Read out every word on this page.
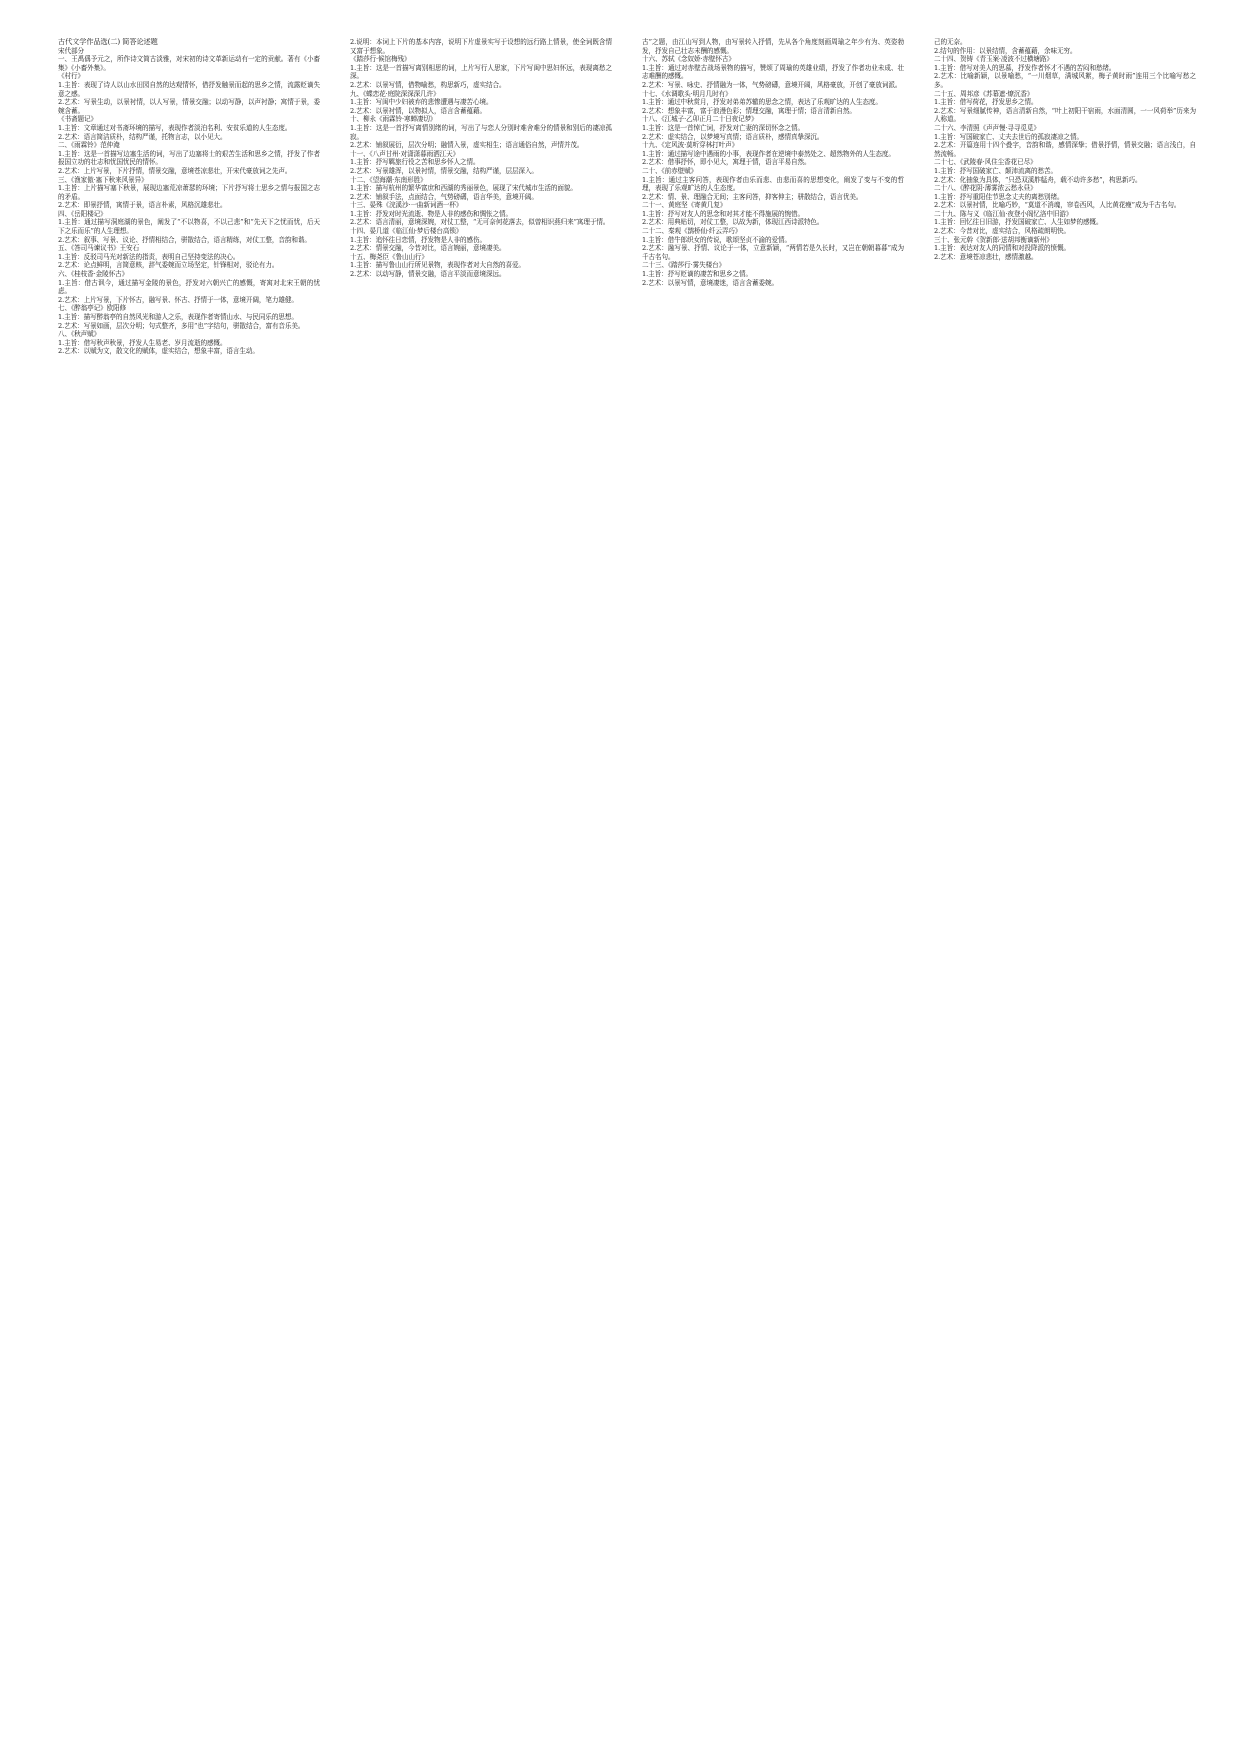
古代文学作品选(二) 简答论述题

宋代部分

一、王禹偁予元之，所作诗文简古淡雅，对宋初的诗文革新运动有一定的贡献。著有《小畜集》《小畜外集》。

《村行》

1.主旨：表现了诗人以山水田园自然的达观情怀，借抒发触景而起的思乡之情，流露贬谪失意之感。

2.艺术：写景生动，以景衬情，以人写景，情景交融；以动写静，以声衬静；寓情于景，委婉含蓄。

《书斋题记》

1.主旨：文章通过对书斋环境的描写，表现作者淡泊名利、安贫乐道的人生态度。

2.艺术：语言简洁质朴，结构严谨，托物言志，以小见大。

二、《雨霖铃》范仲淹

1.主旨：这是一首描写边塞生活的词，写出了边塞将士的艰苦生活和思乡之情，抒发了作者报国立功的壮志和忧国忧民的情怀。

2.艺术：上片写景，下片抒情，情景交融，意境苍凉悲壮，开宋代豪放词之先声。

三、《渔家傲·塞下秋来风景异》

1.主旨：上片描写塞下秋景，展现边塞荒凉萧瑟的环境；下片抒写将士思乡之情与报国之志的矛盾。

2.艺术：即景抒情，寓情于景，语言朴素，风格沉雄悲壮。

四、《岳阳楼记》

1.主旨：通过描写洞庭湖的景色，阐发了“不以物喜，不以己悲”和“先天下之忧而忧，后天下之乐而乐”的人生理想。

2.艺术：叙事、写景、议论、抒情相结合，骈散结合，语言精练，对仗工整，音韵和谐。

五、《答司马谏议书》王安石

1.主旨：反驳司马光对新法的指责，表明自己坚持变法的决心。

2.艺术：论点鲜明，言简意赅，辞气委婉而立场坚定，针锋相对，驳论有力。

六、《桂枝香·金陵怀古》

1.主旨：借古讽今，通过描写金陵的景色，抒发对六朝兴亡的感慨，寄寓对北宋王朝的忧虑。

2.艺术：上片写景，下片怀古，融写景、怀古、抒情于一体，意境开阔，笔力雄健。

七、《醉翁亭记》欧阳修

1.主旨：描写醉翁亭的自然风光和游人之乐，表现作者寄情山水、与民同乐的思想。

2.艺术：写景如画，层次分明；句式整齐，多用“也”字结句，骈散结合，富有音乐美。

八、《秋声赋》

1.主旨：借写秋声秋景，抒发人生易老、岁月流逝的感慨。

2.艺术：以赋为文，散文化的赋体，虚实结合，想象丰富，语言生动。

2.说明：本词上下片的基本内容，说明下片虚景实写于设想的远行路上情景，使全词既含情又富于想象。

《踏莎行·候馆梅残》

1.主旨：这是一首描写离别相思的词，上片写行人思家，下片写闺中思妇怀远，表现离愁之深。

2.艺术：以景写情，借物喻愁，构思新巧，虚实结合。

九、《蝶恋花·庭院深深深几许》

1.主旨：写闺中少妇被弃的悲惨遭遇与凄苦心境。

2.艺术：以景衬情，以物拟人，语言含蓄蕴藉。

十、柳永《雨霖铃·寒蝉凄切》

1.主旨：这是一首抒写离情别绪的词，写出了与恋人分别时难舍难分的情景和别后的凄凉孤寂。

2.艺术：铺叙展衍，层次分明；融情入景，虚实相生；语言通俗自然，声情并茂。

十一、《八声甘州·对潇潇暮雨洒江天》

1.主旨：抒写羁旅行役之苦和思乡怀人之情。

2.艺术：写景雄浑，以景衬情，情景交融，结构严谨，层层深入。

十二、《望海潮·东南形胜》

1.主旨：描写杭州的繁华富庶和西湖的秀丽景色，展现了宋代城市生活的面貌。

2.艺术：铺叙手法，点面结合，气势磅礴，语言华美，意境开阔。

十三、晏殊《浣溪沙·一曲新词酒一杯》

1.主旨：抒发对时光流逝、物是人非的感伤和惆怅之情。

2.艺术：语言清丽，意境深婉，对仗工整，“无可奈何花落去，似曾相识燕归来”寓理于情。

十四、晏几道《临江仙·梦后楼台高锁》

1.主旨：追怀往日恋情，抒发物是人非的感伤。

2.艺术：情景交融，今昔对比，语言婉丽，意境凄美。

十五、梅尧臣《鲁山山行》

1.主旨：描写鲁山山行所见景物，表现作者对大自然的喜爱。

2.艺术：以动写静，情景交融，语言平淡而意境深远。

古”之题，由江山写到人物，由写景转入抒情，先从各个角度刻画周瑜之年少有为、英姿勃发，抒发自己壮志未酬的感慨。

十六、苏轼《念奴娇·赤壁怀古》

1.主旨：通过对赤壁古战场景物的描写，赞颂了周瑜的英雄业绩，抒发了作者功业未成、壮志难酬的感慨。

2.艺术：写景、咏史、抒情融为一体，气势磅礴，意境开阔，风格豪放，开创了豪放词派。

十七、《水调歌头·明月几时有》

1.主旨：通过中秋赏月，抒发对弟弟苏辙的思念之情，表达了乐观旷达的人生态度。

2.艺术：想象丰富，富于浪漫色彩；情理交融，寓理于情；语言清新自然。

十八、《江城子·乙卯正月二十日夜记梦》

1.主旨：这是一首悼亡词，抒发对亡妻的深切怀念之情。

2.艺术：虚实结合，以梦境写真情；语言质朴，感情真挚深沉。

十九、《定风波·莫听穿林打叶声》

1.主旨：通过描写途中遇雨的小事，表现作者在逆境中泰然处之、超然物外的人生态度。

2.艺术：借事抒怀，即小见大，寓理于情，语言平易自然。

二十、《前赤壁赋》

1.主旨：通过主客问答，表现作者由乐而悲、由悲而喜的思想变化，阐发了变与不变的哲理，表现了乐观旷达的人生态度。

2.艺术：情、景、理融合无间；主客问答，抑客伸主；骈散结合，语言优美。

二十一、黄庭坚《寄黄几复》

1.主旨：抒写对友人的思念和对其才能不得施展的惋惜。

2.艺术：用典贴切，对仗工整，以故为新，体现江西诗派特色。

二十二、秦观《鹊桥仙·纤云弄巧》

1.主旨：借牛郎织女的传说，歌颂坚贞不渝的爱情。

2.艺术：融写景、抒情、议论于一体，立意新颖，“两情若是久长时，又岂在朝朝暮暮”成为千古名句。

二十三、《踏莎行·雾失楼台》

1.主旨：抒写贬谪的凄苦和思乡之情。

2.艺术：以景写情，意境凄迷，语言含蓄委婉。

己的无奈。

2.结句的作用：以景结情，含蓄蕴藉，余味无穷。

二十四、贺铸《青玉案·凌波不过横塘路》

1.主旨：借写对美人的思慕，抒发作者怀才不遇的苦闷和愁绪。

2.艺术：比喻新颖，以景喻愁，“一川烟草，满城风絮，梅子黄时雨”连用三个比喻写愁之多。

二十五、周邦彦《苏幕遮·燎沉香》

1.主旨：借写荷花，抒发思乡之情。

2.艺术：写景细腻传神，语言清新自然，“叶上初阳干宿雨，水面清圆，一一风荷举”历来为人称道。

二十六、李清照《声声慢·寻寻觅觅》

1.主旨：写国破家亡、丈夫去世后的孤寂凄凉之情。

2.艺术：开篇连用十四个叠字，音韵和谐，感情深挚；借景抒情，情景交融；语言浅白，自然流畅。

二十七、《武陵春·风住尘香花已尽》

1.主旨：抒写国破家亡、颠沛流离的愁苦。

2.艺术：化抽象为具体，“只恐双溪舴艋舟，载不动许多愁”，构思新巧。

二十八、《醉花阴·薄雾浓云愁永昼》

1.主旨：抒写重阳佳节思念丈夫的离愁别绪。

2.艺术：以景衬情，比喻巧妙，“莫道不消魂，帘卷西风，人比黄花瘦”成为千古名句。

二十九、陈与义《临江仙·夜登小阁忆洛中旧游》

1.主旨：回忆往日旧游，抒发国破家亡、人生如梦的感慨。

2.艺术：今昔对比，虚实结合，风格疏朗明快。

三十、张元幹《贺新郎·送胡邦衡谪新州》

1.主旨：表达对友人的同情和对投降派的愤慨。

2.艺术：意境苍凉悲壮，感情激越。
